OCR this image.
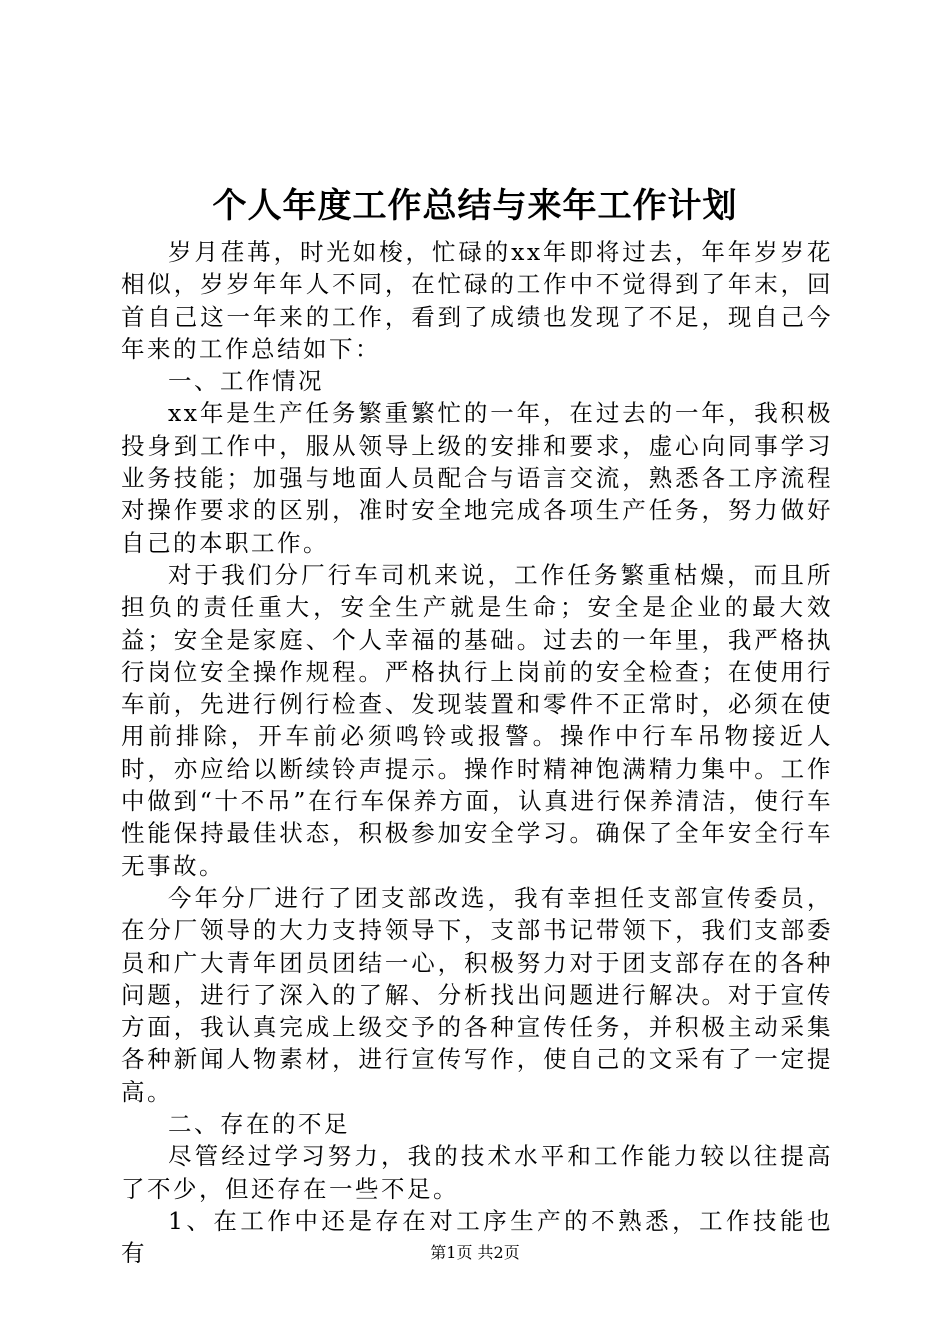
个人年度工作总结与来年工作计划

岁月荏苒，时光如梭，忙碌的xx年即将过去，年年岁岁花相似，岁岁年年人不同，在忙碌的工作中不觉得到了年末，回首自己这一年来的工作，看到了成绩也发现了不足，现自己今年来的工作总结如下：

一、工作情况

xx年是生产任务繁重繁忙的一年，在过去的一年，我积极投身到工作中，服从领导上级的安排和要求，虚心向同事学习业务技能；加强与地面人员配合与语言交流，熟悉各工序流程对操作要求的区别，准时安全地完成各项生产任务，努力做好自己的本职工作。

对于我们分厂行车司机来说，工作任务繁重枯燥，而且所担负的责任重大，安全生产就是生命；安全是企业的最大效益；安全是家庭、个人幸福的基础。过去的一年里，我严格执行岗位安全操作规程。严格执行上岗前的安全检查；在使用行车前，先进行例行检查、发现装置和零件不正常时，必须在使用前排除，开车前必须鸣铃或报警。操作中行车吊物接近人时，亦应给以断续铃声提示。操作时精神饱满精力集中。工作中做到“十不吊”在行车保养方面，认真进行保养清洁，使行车性能保持最佳状态，积极参加安全学习。确保了全年安全行车无事故。

今年分厂进行了团支部改选，我有幸担任支部宣传委员，在分厂领导的大力支持领导下，支部书记带领下，我们支部委员和广大青年团员团结一心，积极努力对于团支部存在的各种问题，进行了深入的了解、分析找出问题进行解决。对于宣传方面，我认真完成上级交予的各种宣传任务，并积极主动采集各种新闻人物素材，进行宣传写作，使自己的文采有了一定提高。

二、存在的不足

尽管经过学习努力，我的技术水平和工作能力较以往提高了不少，但还存在一些不足。

1、在工作中还是存在对工序生产的不熟悉，工作技能也有	第1页 共2页
